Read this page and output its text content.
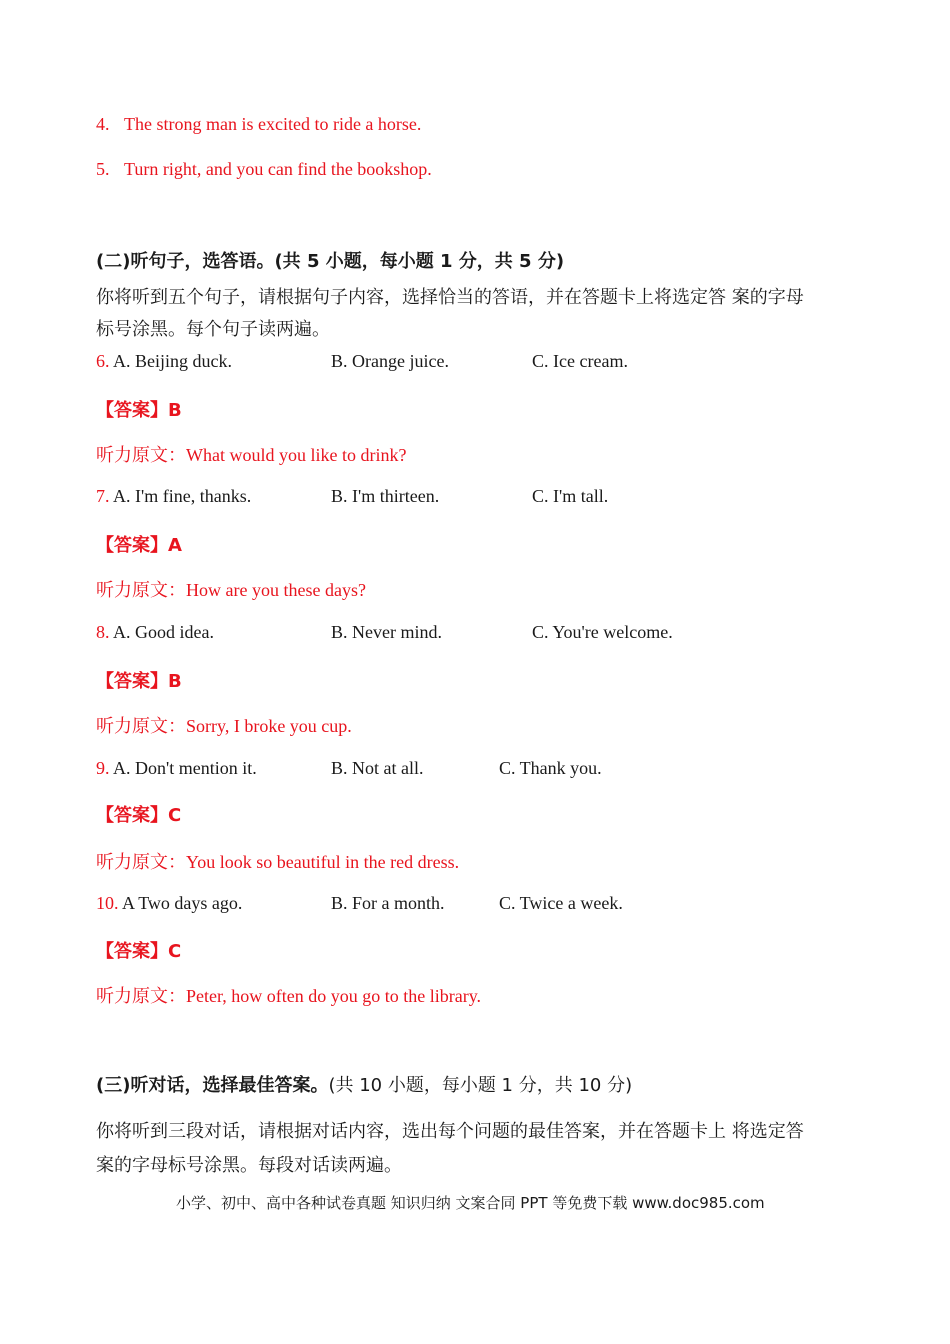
4. The strong man is excited to ride a horse.
5. Turn right, and you can find the bookshop.
(二)听句子，选答语。(共 5 小题，每小题 1 分，共 5 分)
你将听到五个句子，请根据句子内容，选择恰当的答语，并在答题卡上将选定答 案的字母
标号涂黑。每个句子读两遍。
6. A. Beijing duck.	B. Orange juice.	C. Ice cream.
【答案】B
听力原文：What would you like to drink?
7. A. I'm fine, thanks.	B. I'm thirteen.	C. I'm tall.
【答案】A
听力原文：How are you these days?
8. A. Good idea.	B. Never mind.	C. You're welcome.
【答案】B
听力原文：Sorry, I broke you cup.
9. A. Don't mention it.	B. Not at all.	C. Thank you.
【答案】C
听力原文：You look so beautiful in the red dress.
10. A Two days ago.	B. For a month.	C. Twice a week.
【答案】C
听力原文：Peter, how often do you go to the library.
(三)听对话，选择最佳答案。(共 10 小题，每小题 1 分，共 10 分)
你将听到三段对话，请根据对话内容，选出每个问题的最佳答案，并在答题卡上 将选定答
案的字母标号涂黑。每段对话读两遍。
小学、初中、高中各种试卷真题 知识归纳 文案合同 PPT 等免费下载 www.doc985.com
